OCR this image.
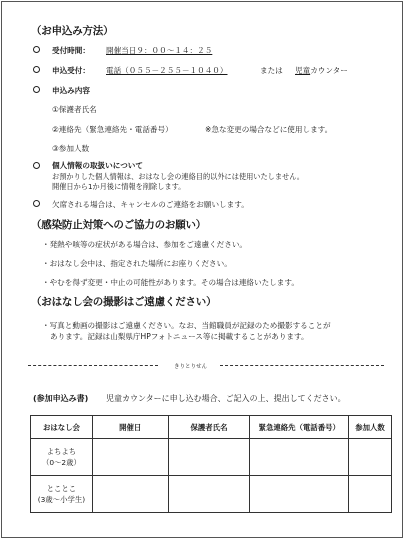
（お申込み方法）
受付時間： 開催当日９：００～１４：２５
申込受付： 電話（０５５－２５５－１０４０）	または 児童カウンター
申込み内容
①保護者氏名
②連絡先（緊急連絡先・電話番号）	※急な変更の場合などに使用します。
③参加人数
個人情報の取扱いについて
お預かりした個人情報は、おはなし会の連絡目的以外には使用いたしません。
開催日から1か月後に情報を削除します。
欠席される場合は、キャンセルのご連絡をお願いします。
（感染防止対策へのご協力のお願い）
・発熱や咳等の症状がある場合は、参加をご遠慮ください。
・おはなし会中は、指定された場所にお座りください。
・やむを得ず変更・中止の可能性があります。その場合は連絡いたします。
（おはなし会の撮影はご遠慮ください）
・写真と動画の撮影はご遠慮ください。なお、当館職員が記録のため撮影することが
あります。記録は山梨県庁HPフォトニュース等に掲載することがあります。
きりとりせん
(参加申込み書) 児童カウンターに申し込む場合、ご記入の上、提出してください。
おはなし会	開催日	保護者氏名	緊急連絡先（電話番号）	参加人数

よちよち
（0～2歳）				

とことこ
(3歳～小学生)				
